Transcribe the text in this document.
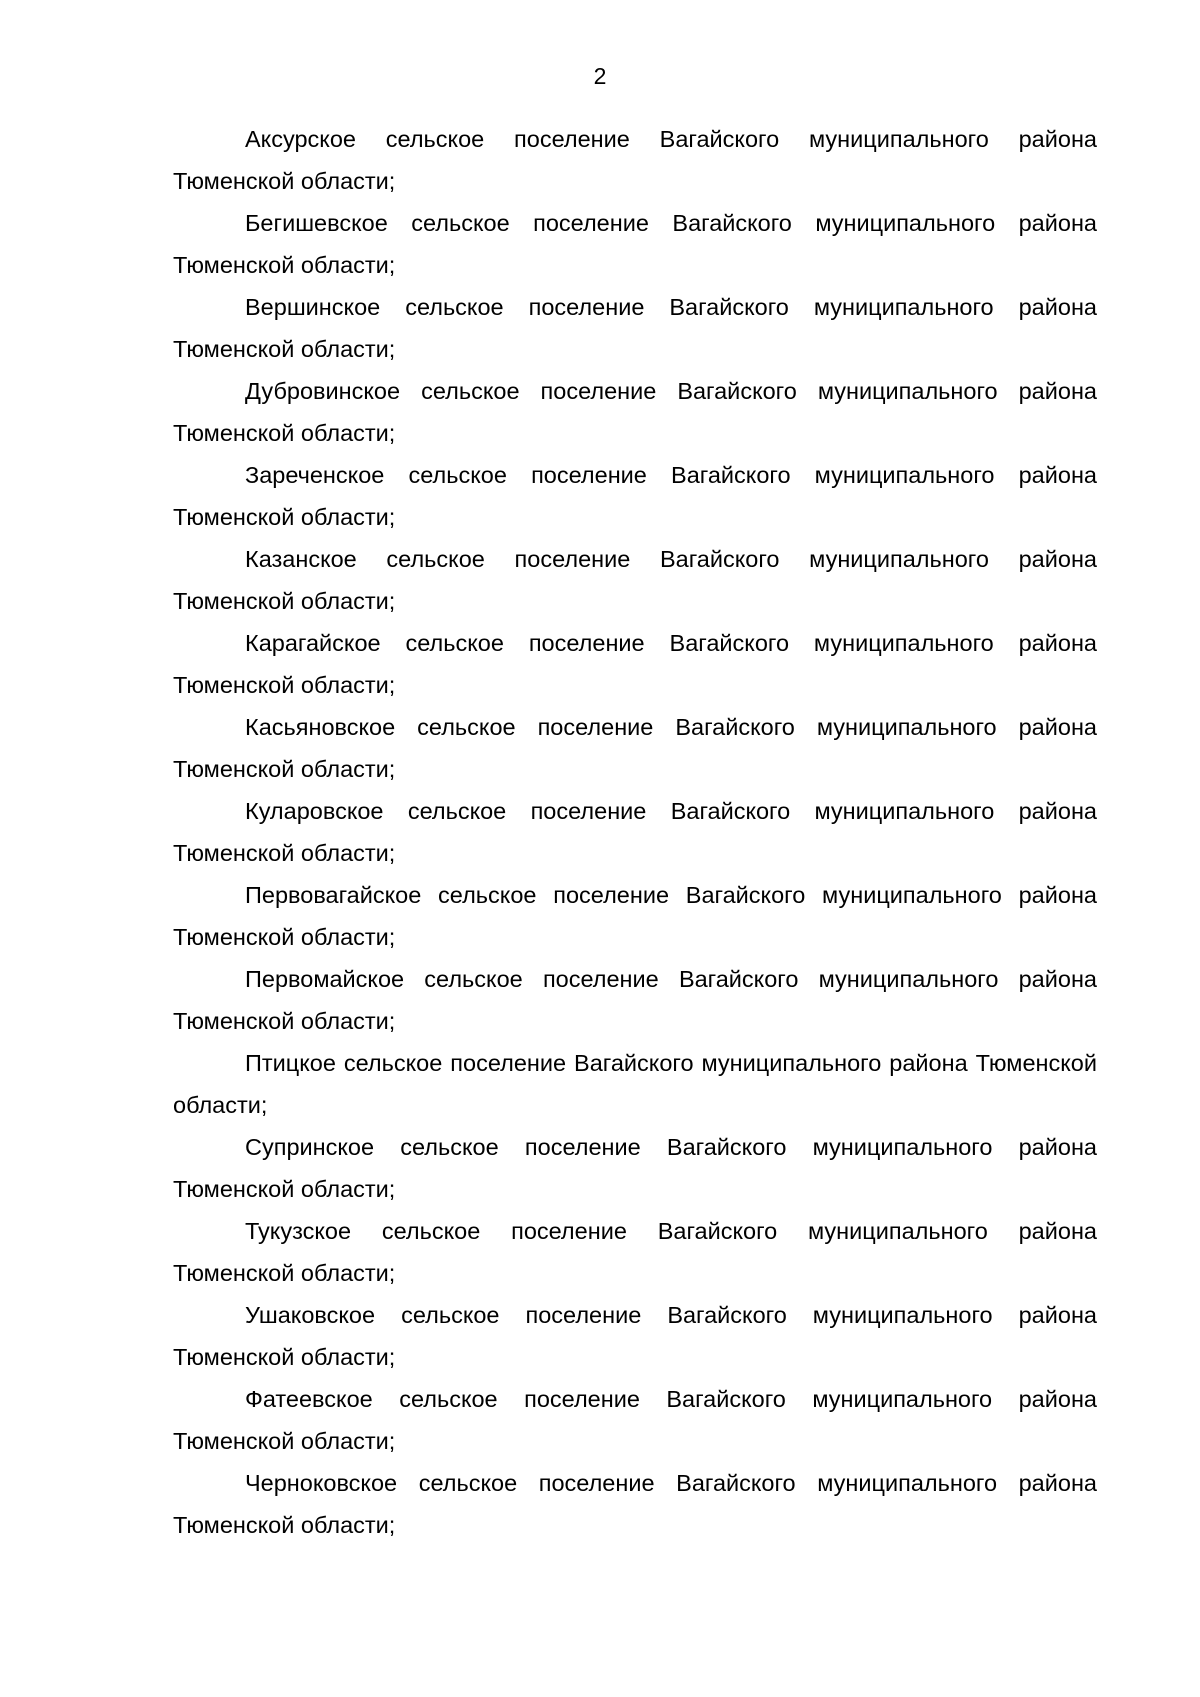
2

Аксурское сельское поселение Вагайского муниципального района Тюменской области;

Бегишевское сельское поселение Вагайского муниципального района Тюменской области;

Вершинское сельское поселение Вагайского муниципального района Тюменской области;

Дубровинское сельское поселение Вагайского муниципального района Тюменской области;

Зареченское сельское поселение Вагайского муниципального района Тюменской области;

Казанское сельское поселение Вагайского муниципального района Тюменской области;

Карагайское сельское поселение Вагайского муниципального района Тюменской области;

Касьяновское сельское поселение Вагайского муниципального района Тюменской области;

Куларовское сельское поселение Вагайского муниципального района Тюменской области;

Первовагайское сельское поселение Вагайского муниципального района Тюменской области;

Первомайское сельское поселение Вагайского муниципального района Тюменской области;

Птицкое сельское поселение Вагайского муниципального района Тюменской области;

Супринское сельское поселение Вагайского муниципального района Тюменской области;

Тукузское сельское поселение Вагайского муниципального района Тюменской области;

Ушаковское сельское поселение Вагайского муниципального района Тюменской области;

Фатеевское сельское поселение Вагайского муниципального района Тюменской области;

Черноковское сельское поселение Вагайского муниципального района Тюменской области;
